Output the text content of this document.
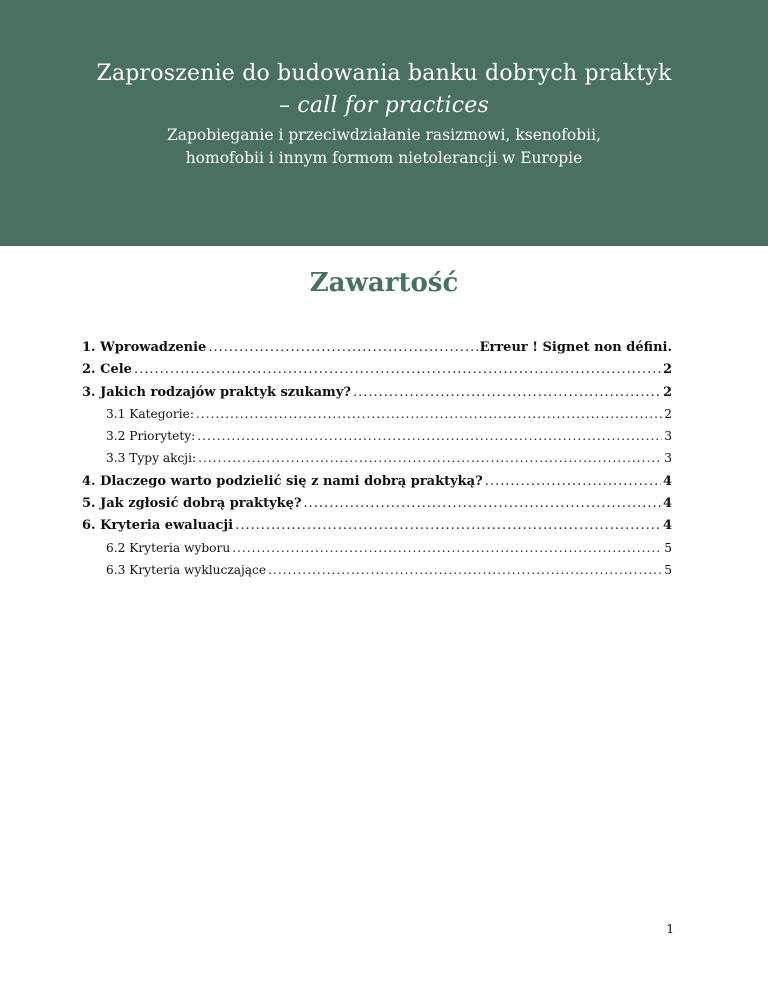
Zaproszenie do budowania banku dobrych praktyk
– call for practices
Zapobieganie i przeciwdziałanie rasizmowi, ksenofobii,
homofobii i innym formom nietolerancji w Europie
Zawartość
1. Wprowadzenie .....	Erreur ! Signet non défini.
2. Cele .....	2
3. Jakich rodzajów praktyk szukamy? .....	2
3.1 Kategorie: .....	2
3.2 Priorytety: .....	3
3.3 Typy akcji: .....	3
4. Dlaczego warto podzielić się z nami dobrą praktyką? .....	4
5. Jak zgłosić dobrą praktykę? .....	4
6. Kryteria ewaluacji .....	4
6.2 Kryteria wyboru .....	5
6.3 Kryteria wykluczające .....	5
1
